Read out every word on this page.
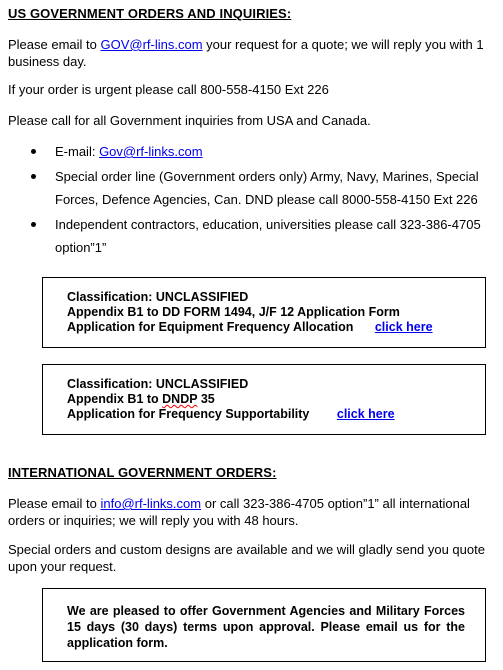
US GOVERNMENT ORDERS AND INQUIRIES:
Please email to GOV@rf-lins.com your request for a quote; we will reply you with 1 business day.
If your order is urgent please call 800-558-4150 Ext 226
Please call for all Government inquiries from USA and Canada.
E-mail: Gov@rf-links.com
Special order line (Government orders only) Army, Navy, Marines, Special Forces, Defence Agencies, Can. DND please call 8000-558-4150 Ext 226
Independent contractors, education, universities please call 323-386-4705 option”1”
Classification: UNCLASSIFIED
Appendix B1 to DD FORM 1494, J/F 12 Application Form
Application for Equipment Frequency Allocation click here
Classification: UNCLASSIFIED
Appendix B1 to DNDP 35
Application for Frequency Supportability click here
INTERNATIONAL GOVERNMENT ORDERS:
Please email to info@rf-links.com or call 323-386-4705 option”1” all international orders or inquiries; we will reply you with 48 hours.
Special orders and custom designs are available and we will gladly send you quote upon your request.
We are pleased to offer Government Agencies and Military Forces 15 days (30 days) terms upon approval. Please email us for the application form.
